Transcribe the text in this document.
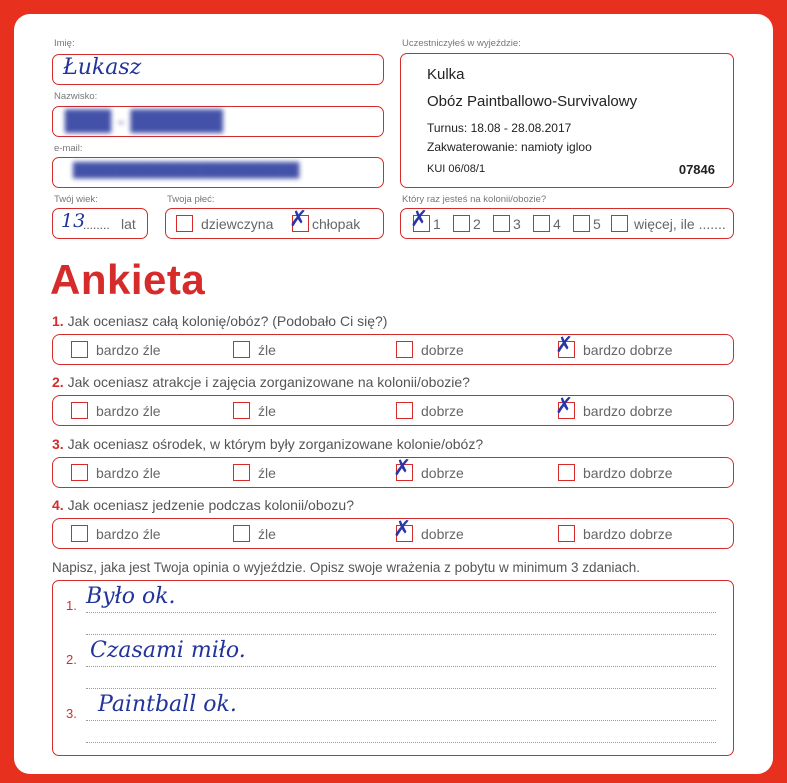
Imię:
Łukasz
Nazwisko:
███ - ██████
e-mail:
█████████████████████
Twój wiek:
13
........ lat
Twoja płeć:
dziewczyna ✗ chłopak
Uczestniczyłeś w wyjeździe:
Kulka
Obóz Paintballowo-Survivalowy
Turnus: 18.08 - 28.08.2017
Zakwaterowanie: namioty igloo
KUI 06/08/1	07846
Który raz jesteś na kolonii/obozie?
✗ 1 2 3 4 5 więcej, ile .......
Ankieta
1. Jak oceniasz całą kolonię/obóz? (Podobało Ci się?)
bardzo źle	źle	dobrze	✗ bardzo dobrze
2. Jak oceniasz atrakcje i zajęcia zorganizowane na kolonii/obozie?
bardzo źle	źle	dobrze	✗ bardzo dobrze
3. Jak oceniasz ośrodek, w którym były zorganizowane kolonie/obóz?
bardzo źle	źle	✗ dobrze	bardzo dobrze
4. Jak oceniasz jedzenie podczas kolonii/obozu?
bardzo źle	źle	✗ dobrze	bardzo dobrze
Napisz, jaka jest Twoja opinia o wyjeździe. Opisz swoje wrażenia z pobytu w minimum 3 zdaniach.
1. Było ok.
2. Czasami miło.
3. Paintball ok.
